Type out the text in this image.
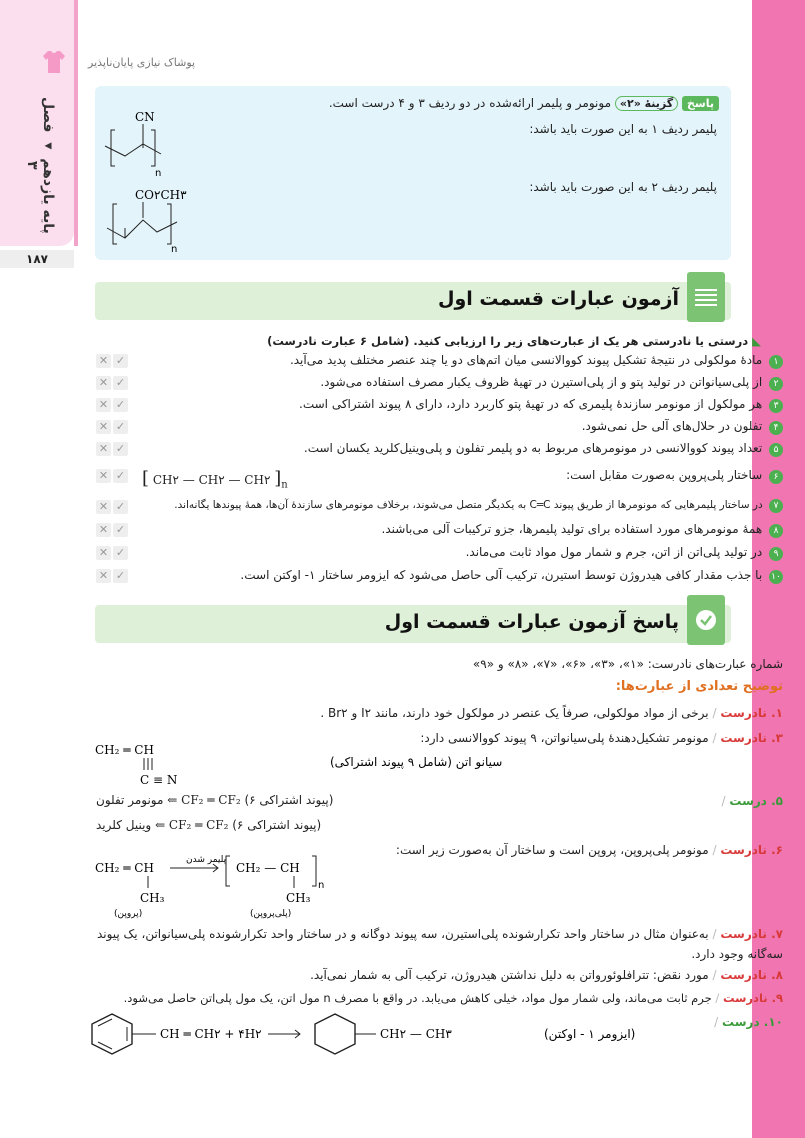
پایه یازدهم ◂ فصل ۳
۱۸۷
پوشاک نیازی پایان‌ناپذیر
پاسخ گزینهٔ «۲» مونومر و پلیمر ارائه‌شده در دو ردیف ۳ و ۴ درست است.
پلیمر ردیف ۱ به این صورت باید باشد:
پلیمر ردیف ۲ به این صورت باید باشد:
CN
n
CO۲CH۳
n
آزمون عبارات قسمت اول
◣ درستی یا نادرستی هر یک از عبارت‌های زیر را ارزیابی کنید. (شامل ۶ عبارت نادرست)
۱ مادهٔ مولکولی در نتیجهٔ تشکیل پیوند کووالانسی میان اتم‌های دو یا چند عنصر مختلف پدید می‌آید.
✕ ✓
۲ از پلی‌سیانواتن در تولید پتو و از پلی‌استیرن در تهیهٔ ظروف یکبار مصرف استفاده می‌شود.
✕ ✓
۳ هر مولکول از مونومر سازندهٔ پلیمری که در تهیهٔ پتو کاربرد دارد، دارای ۸ پیوند اشتراکی است.
✕ ✓
۴ تفلون در حلال‌های آلی حل نمی‌شود.
✕ ✓
۵ تعداد پیوند کووالانسی در مونومرهای مربوط به دو پلیمر تفلون و پلی‌وینیل‌کلرید یکسان است.
✕ ✓
۶ ساختار پلی‌پروپن به‌صورت مقابل است:
✕ ✓
۷ در ساختار پلیمرهایی که مونومرها از طریق پیوند C═C به یکدیگر متصل می‌شوند، برخلاف مونومرهای سازندهٔ آن‌ها، همهٔ پیوندها یگانه‌اند.
✕ ✓
۸ همهٔ مونومرهای مورد استفاده برای تولید پلیمرها، جزو ترکیبات آلی می‌باشند.
✕ ✓
۹ در تولید پلی‌اتن از اتن، جرم و شمار مول مواد ثابت می‌ماند.
✕ ✓
۱۰ با جذب مقدار کافی هیدروژن توسط استیرن، ترکیب آلی حاصل می‌شود که ایزومر ساختار ۱- اوکتن است.
✕ ✓
[ CH۲ — CH۲ — CH۲ ]$_n$
پاسخ آزمون عبارات قسمت اول
شماره عبارت‌های نادرست: «۱»، «۳»، «۶»، «۷»، «۸» و «۹»
توضیح تعدادی از عبارت‌ها:
۱. نادرست / برخی از مواد مولکولی، صرفاً یک عنصر در مولکول خود دارند، مانند I۲ و Br۲ .
۳. نادرست / مونومر تشکیل‌دهندهٔ پلی‌سیانواتن، ۹ پیوند کووالانسی دارد:
CH₂ ═ CH
C ≡ N
سیانو اتن (شامل ۹ پیوند اشتراکی)
۵. درست /
مونومر تفلون ⇐ CF₂ ═ CF₂ (۶ پیوند اشتراکی)
وینیل کلرید ⇐ CF₂ ═ CF₂ (۶ پیوند اشتراکی)
۶. نادرست / مونومر پلی‌پروپن، پروپن است و ساختار آن به‌صورت زیر است:
CH₂ ═ CH
CH₃
(پروپن)
پلیمر شدن
CH₂ — CH
CH₃
n
(پلی‌پروپن)
۷. نادرست / به‌عنوان مثال در ساختار واحد تکرارشونده پلی‌استیرن، سه پیوند دوگانه و در ساختار واحد تکرارشونده پلی‌سیانواتن، یک پیوند سه‌گانه وجود دارد.
۸. نادرست / مورد نقض: تترافلوئورواتن به دلیل نداشتن هیدروژن، ترکیب آلی به شمار نمی‌آید.
۹. نادرست / جرم ثابت می‌ماند، ولی شمار مول مواد، خیلی کاهش می‌یابد. در واقع با مصرف n مول اتن، یک مول پلی‌اتن حاصل می‌شود.
۱۰. درست /
CH ═ CH۲ + ۴H۲	CH۲ — CH۳	(ایزومر ۱ - اوکتن)
